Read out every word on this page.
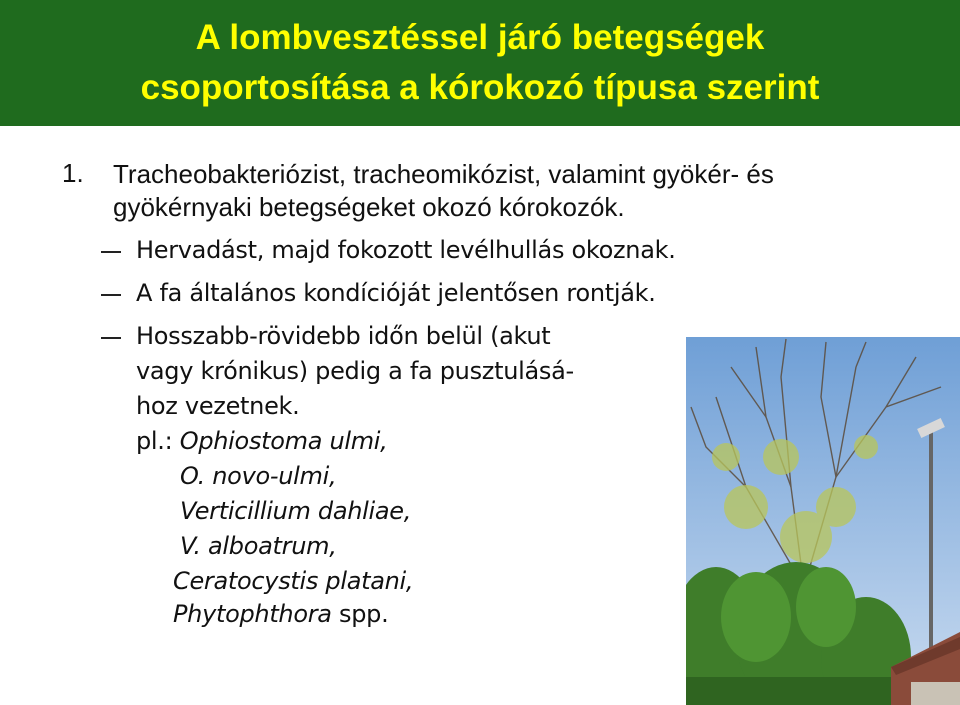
A lombvesztéssel járó betegségek
csoportosítása a kórokozó típusa szerint
1. Tracheobakteriózist, tracheomikózist, valamint gyökér- és
gyökérnyaki betegségeket okozó kórokozók.
Hervadást, majd fokozott levélhullás okoznak.
A fa általános kondícióját jelentősen rontják.
Hosszabb-rövidebb időn belül (akut
vagy krónikus) pedig a fa pusztulásá-
hoz vezetnek.
pl.: Ophiostoma ulmi,
O. novo-ulmi,
Verticillium dahliae,
V. alboatrum,
Ceratocystis platani,
Phytophthora spp.
